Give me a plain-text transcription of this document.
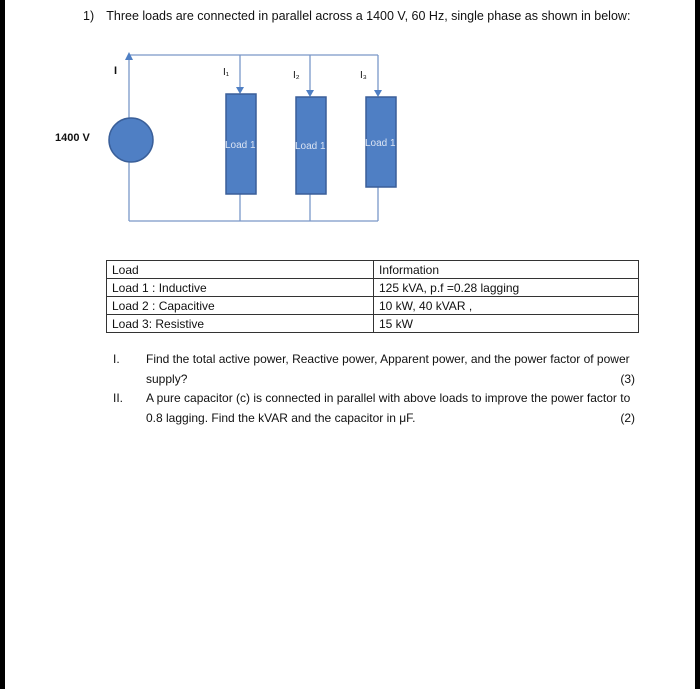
1) Three loads are connected in parallel across a 1400 V, 60 Hz, single phase as shown in below:
1400 V
I	I₁	I₂	I₃
Load 1	Load 1	Load 1
Load	Information
Load 1 : Inductive	125 kVA, p.f =0.28 lagging
Load 2 : Capacitive	10 kW, 40 kVAR ,
Load 3: Resistive	15 kW
I. Find the total active power, Reactive power, Apparent power, and the power factor of power supply?	(3)
II. A pure capacitor (c) is connected in parallel with above loads to improve the power factor to 0.8 lagging. Find the kVAR and the capacitor in μF.	(2)
